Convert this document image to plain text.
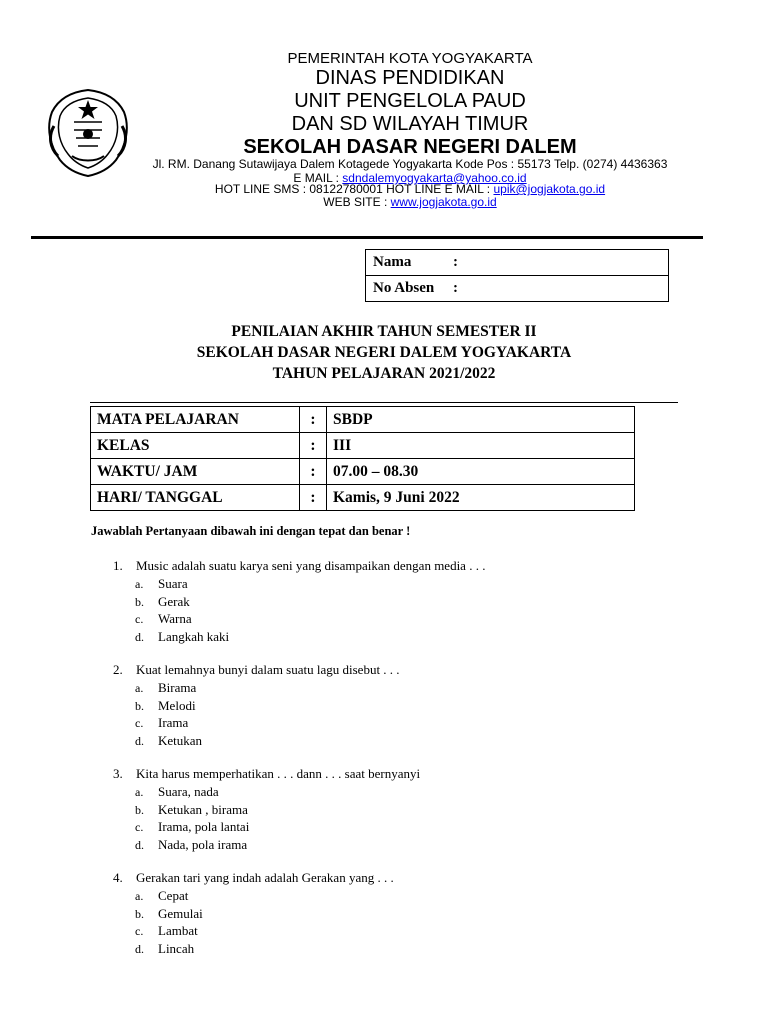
PEMERINTAH KOTA YOGYAKARTA
DINAS PENDIDIKAN
UNIT PENGELOLA PAUD
DAN SD WILAYAH TIMUR
SEKOLAH DASAR NEGERI DALEM
Jl. RM. Danang Sutawijaya Dalem Kotagede Yogyakarta Kode Pos : 55173 Telp. (0274) 4436363
E MAIL : sdndalemyogyakarta@yahoo.co.id
HOT LINE SMS : 08122780001 HOT LINE E MAIL : upik@jogjakota.go.id
WEB SITE : www.jogjakota.go.id
Nama	:
No Absen :
PENILAIAN AKHIR TAHUN SEMESTER II
SEKOLAH DASAR NEGERI DALEM YOGYAKARTA
TAHUN PELAJARAN 2021/2022
MATA PELAJARAN	:	SBDP
KELAS	:	III
WAKTU/ JAM	:	07.00 – 08.30
HARI/ TANGGAL	:	Kamis, 9 Juni 2022
Jawablah Pertanyaan dibawah ini dengan tepat dan benar !
1. Music adalah suatu karya seni yang disampaikan dengan media . . .
a. Suara
b. Gerak
c. Warna
d. Langkah kaki
2. Kuat lemahnya bunyi dalam suatu lagu disebut . . .
a. Birama
b. Melodi
c. Irama
d. Ketukan
3. Kita harus memperhatikan . . . dann . . . saat bernyanyi
a. Suara, nada
b. Ketukan , birama
c. Irama, pola lantai
d. Nada, pola irama
4. Gerakan tari yang indah adalah Gerakan yang . . .
a. Cepat
b. Gemulai
c. Lambat
d. Lincah
